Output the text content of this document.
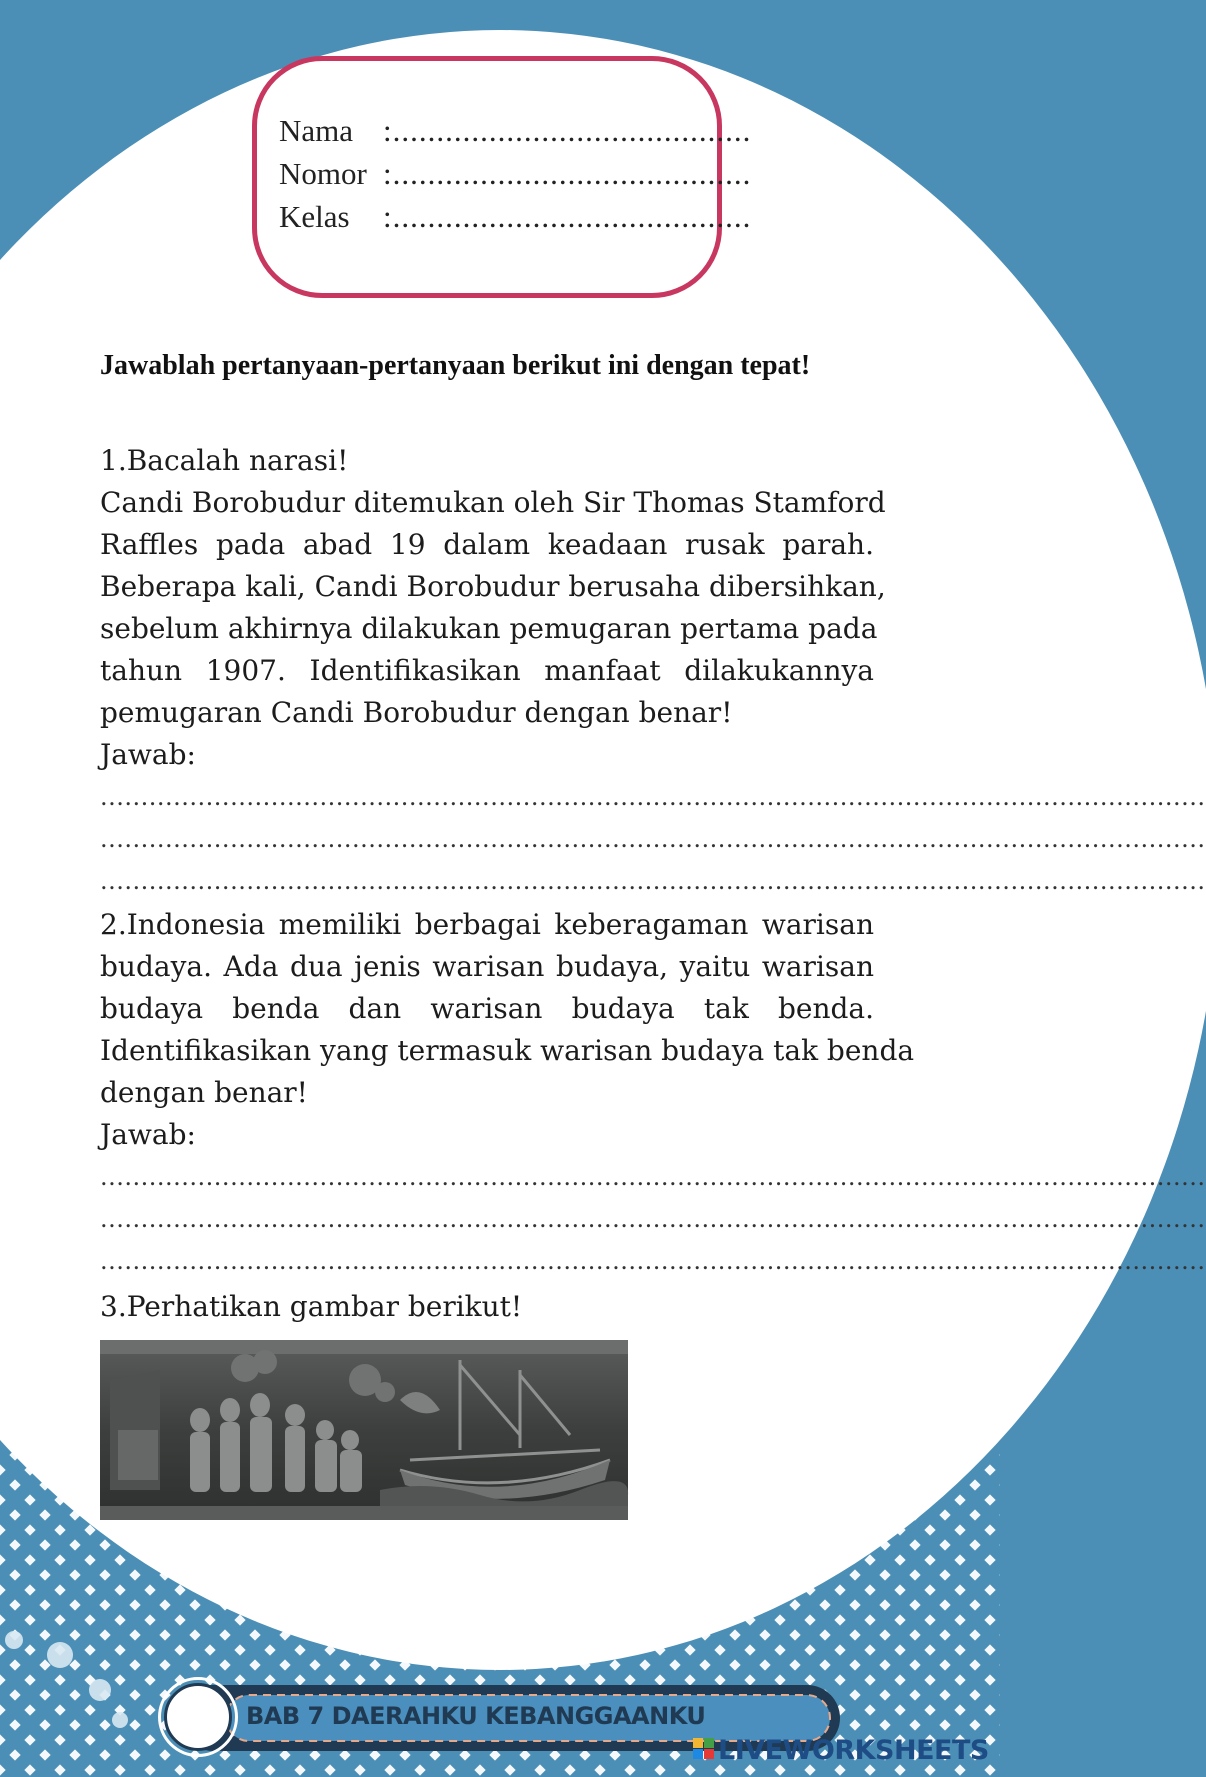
Nama :.........................................
Nomor :.........................................
Kelas :.........................................
Jawablah pertanyaan-pertanyaan berikut ini dengan tepat!
1.Bacalah narasi!
Candi Borobudur ditemukan oleh Sir Thomas Stamford
Raffles pada abad 19 dalam keadaan rusak parah.
Beberapa kali, Candi Borobudur berusaha dibersihkan,
sebelum akhirnya dilakukan pemugaran pertama pada
tahun 1907. Identifikasikan manfaat dilakukannya
pemugaran Candi Borobudur dengan benar!
Jawab:
........................................................................................................................................
........................................................................................................................................
........................................................................................................................................
2.Indonesia memiliki berbagai keberagaman warisan
budaya. Ada dua jenis warisan budaya, yaitu warisan
budaya benda dan warisan budaya tak benda.
Identifikasikan yang termasuk warisan budaya tak benda
dengan benar!
Jawab:
........................................................................................................................................
........................................................................................................................................
........................................................................................................................................
3.Perhatikan gambar berikut!
BAB 7 DAERAHKU KEBANGGAANKU
LIVEWORKSHEETS
